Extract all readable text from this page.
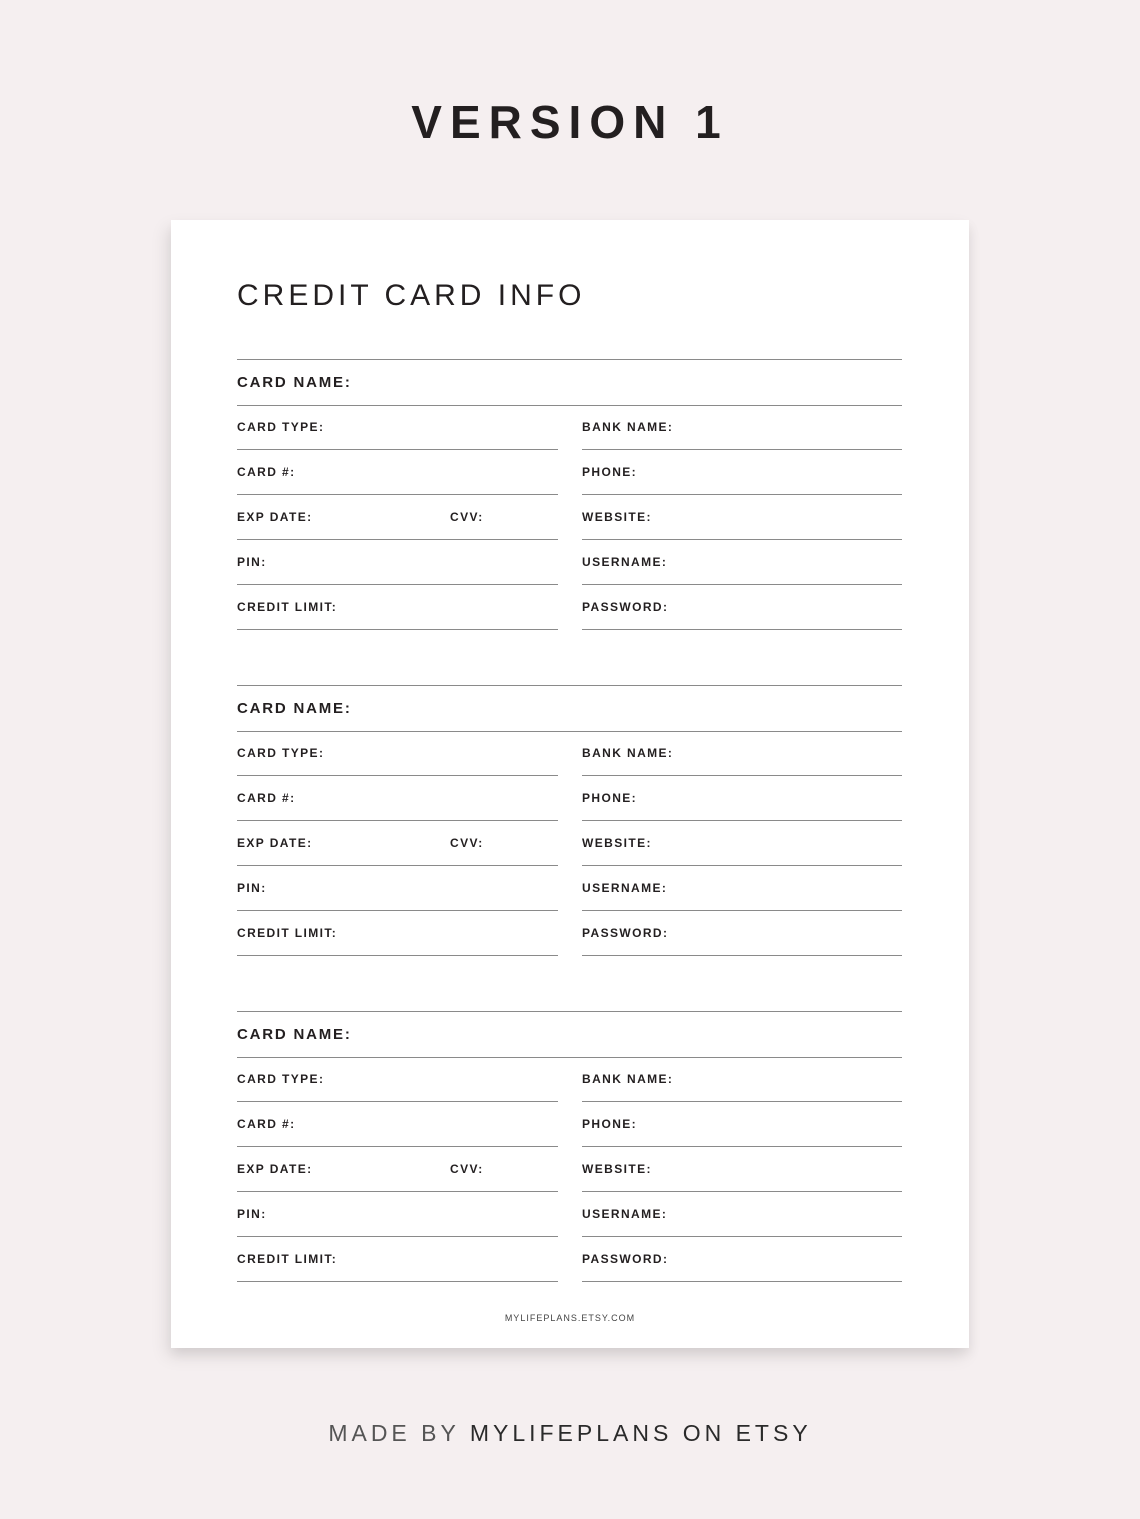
VERSION 1
CREDIT CARD INFO
CARD NAME:
CARD TYPE:	BANK NAME:
CARD #:	PHONE:
EXP DATE:	CVV:	WEBSITE:
PIN:	USERNAME:
CREDIT LIMIT:	PASSWORD:
CARD NAME:
CARD TYPE:	BANK NAME:
CARD #:	PHONE:
EXP DATE:	CVV:	WEBSITE:
PIN:	USERNAME:
CREDIT LIMIT:	PASSWORD:
CARD NAME:
CARD TYPE:	BANK NAME:
CARD #:	PHONE:
EXP DATE:	CVV:	WEBSITE:
PIN:	USERNAME:
CREDIT LIMIT:	PASSWORD:
MYLIFEPLANS.ETSY.COM
MADE BY MYLIFEPLANS ON ETSY
